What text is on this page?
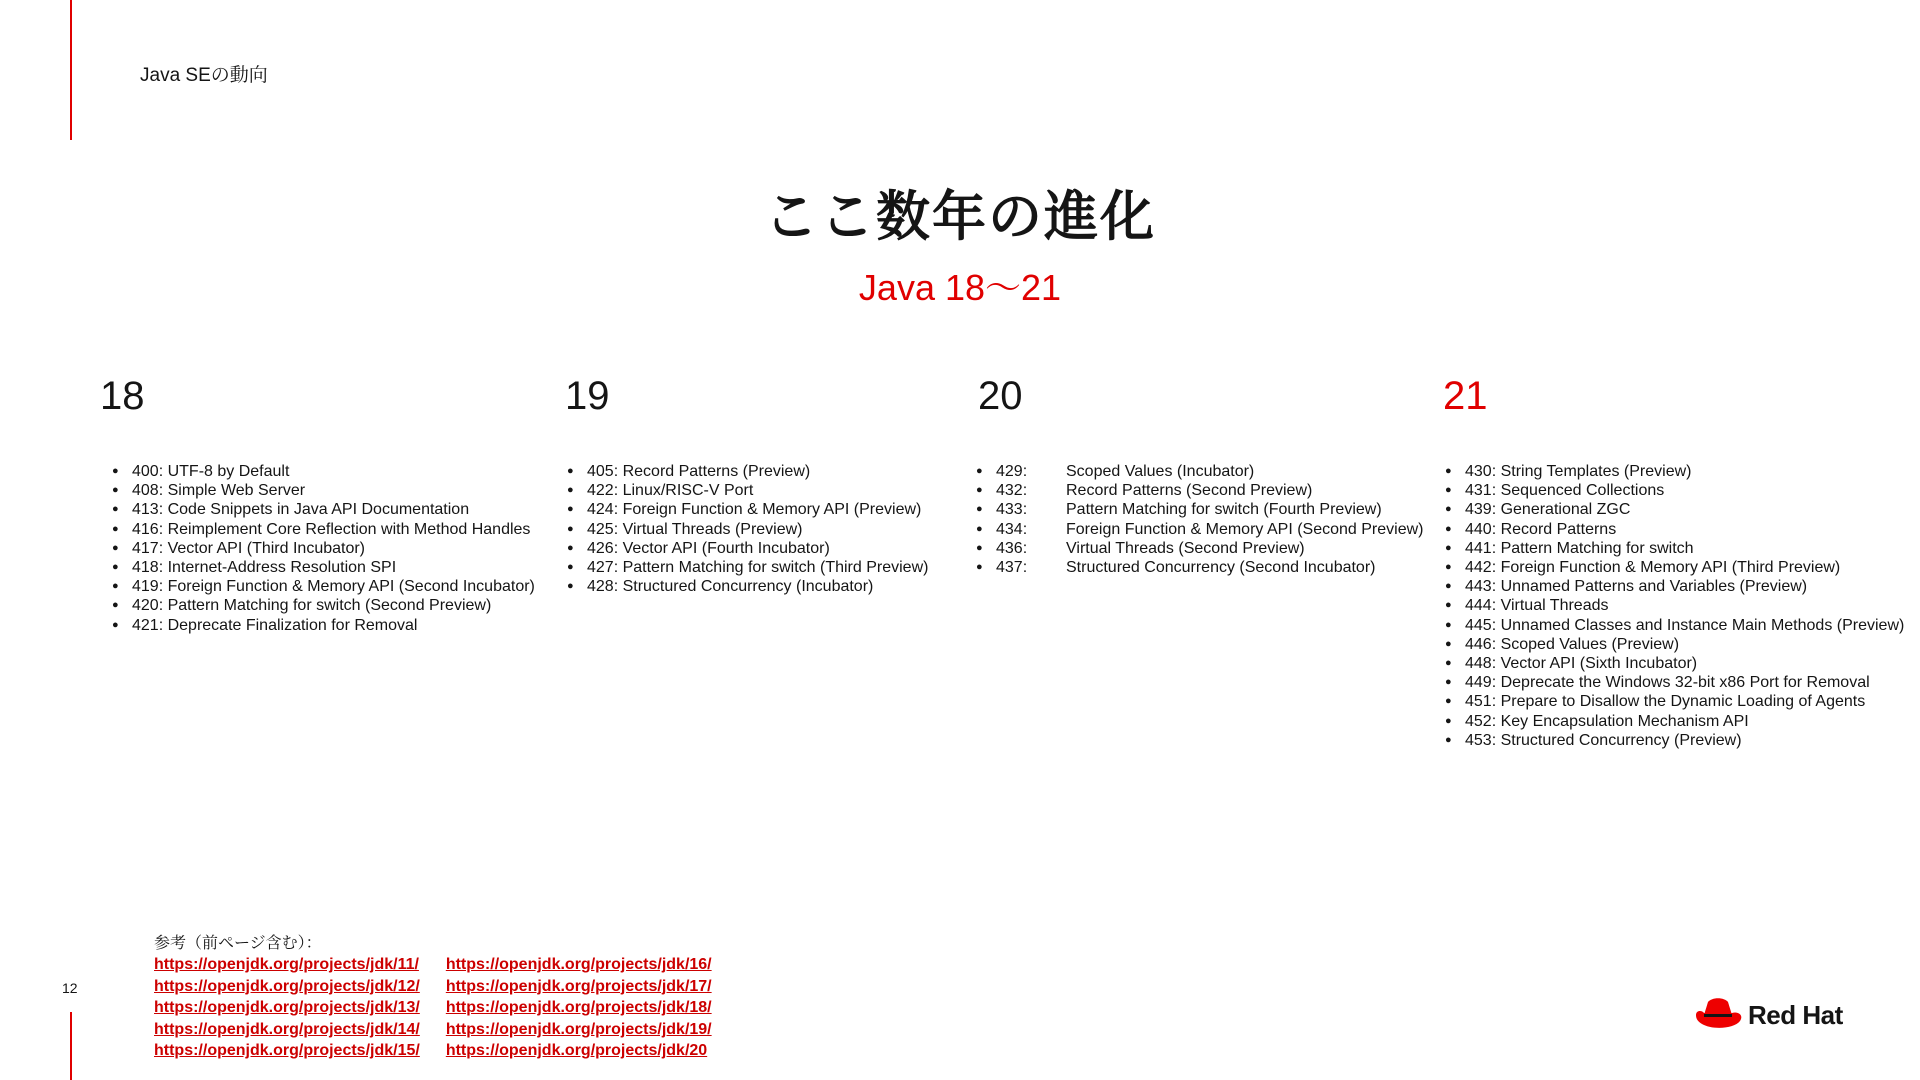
Java SEの動向
ここ数年の進化
Java 18〜21
18
● 400: UTF-8 by Default
● 408: Simple Web Server
● 413: Code Snippets in Java API Documentation
● 416: Reimplement Core Reflection with Method Handles
● 417: Vector API (Third Incubator)
● 418: Internet-Address Resolution SPI
● 419: Foreign Function & Memory API (Second Incubator)
● 420: Pattern Matching for switch (Second Preview)
● 421: Deprecate Finalization for Removal
19
● 405: Record Patterns (Preview)
● 422: Linux/RISC-V Port
● 424: Foreign Function & Memory API (Preview)
● 425: Virtual Threads (Preview)
● 426: Vector API (Fourth Incubator)
● 427: Pattern Matching for switch (Third Preview)
● 428: Structured Concurrency (Incubator)
20
● 429: Scoped Values (Incubator)
● 432: Record Patterns (Second Preview)
● 433: Pattern Matching for switch (Fourth Preview)
● 434: Foreign Function & Memory API (Second Preview)
● 436: Virtual Threads (Second Preview)
● 437: Structured Concurrency (Second Incubator)
21
● 430: String Templates (Preview)
● 431: Sequenced Collections
● 439: Generational ZGC
● 440: Record Patterns
● 441: Pattern Matching for switch
● 442: Foreign Function & Memory API (Third Preview)
● 443: Unnamed Patterns and Variables (Preview)
● 444: Virtual Threads
● 445: Unnamed Classes and Instance Main Methods (Preview)
● 446: Scoped Values (Preview)
● 448: Vector API (Sixth Incubator)
● 449: Deprecate the Windows 32-bit x86 Port for Removal
● 451: Prepare to Disallow the Dynamic Loading of Agents
● 452: Key Encapsulation Mechanism API
● 453: Structured Concurrency (Preview)
12
参考（前ページ含む）：
https://openjdk.org/projects/jdk/11/
https://openjdk.org/projects/jdk/12/
https://openjdk.org/projects/jdk/13/
https://openjdk.org/projects/jdk/14/
https://openjdk.org/projects/jdk/15/
https://openjdk.org/projects/jdk/16/
https://openjdk.org/projects/jdk/17/
https://openjdk.org/projects/jdk/18/
https://openjdk.org/projects/jdk/19/
https://openjdk.org/projects/jdk/20
Red Hat
